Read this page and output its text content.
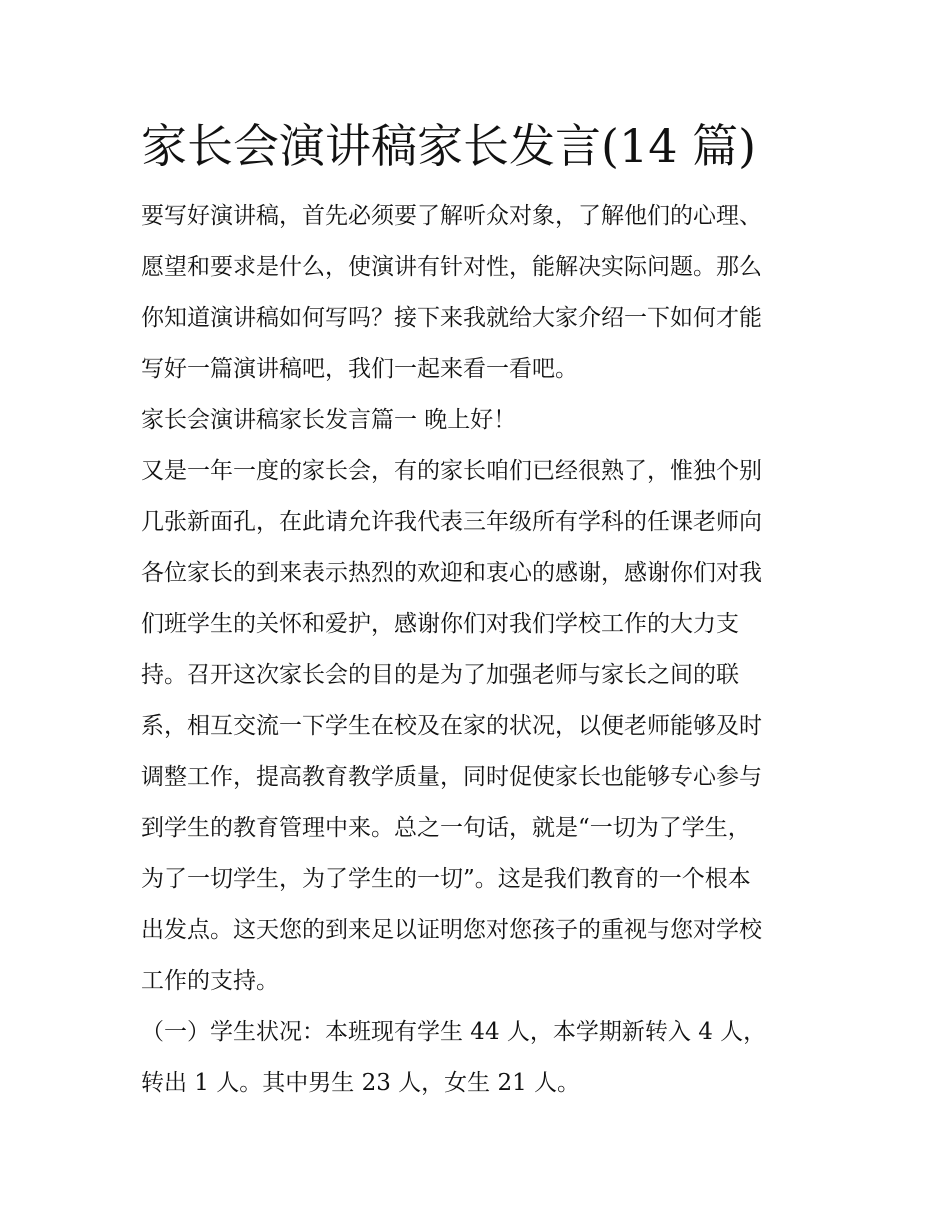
家长会演讲稿家长发言(14 篇)

要写好演讲稿，首先必须要了解听众对象，了解他们的心理、

愿望和要求是什么，使演讲有针对性，能解决实际问题。那么

你知道演讲稿如何写吗？接下来我就给大家介绍一下如何才能

写好一篇演讲稿吧，我们一起来看一看吧。

家长会演讲稿家长发言篇一 晚上好！

又是一年一度的家长会，有的家长咱们已经很熟了，惟独个别

几张新面孔，在此请允许我代表三年级所有学科的任课老师向

各位家长的到来表示热烈的欢迎和衷心的感谢，感谢你们对我

们班学生的关怀和爱护，感谢你们对我们学校工作的大力支

持。召开这次家长会的目的是为了加强老师与家长之间的联

系，相互交流一下学生在校及在家的状况，以便老师能够及时

调整工作，提高教育教学质量，同时促使家长也能够专心参与

到学生的教育管理中来。总之一句话，就是“一切为了学生，

为了一切学生，为了学生的一切”。这是我们教育的一个根本

出发点。这天您的到来足以证明您对您孩子的重视与您对学校

工作的支持。

（一）学生状况：本班现有学生 44 人，本学期新转入 4 人，

转出 1 人。其中男生 23 人，女生 21 人。
